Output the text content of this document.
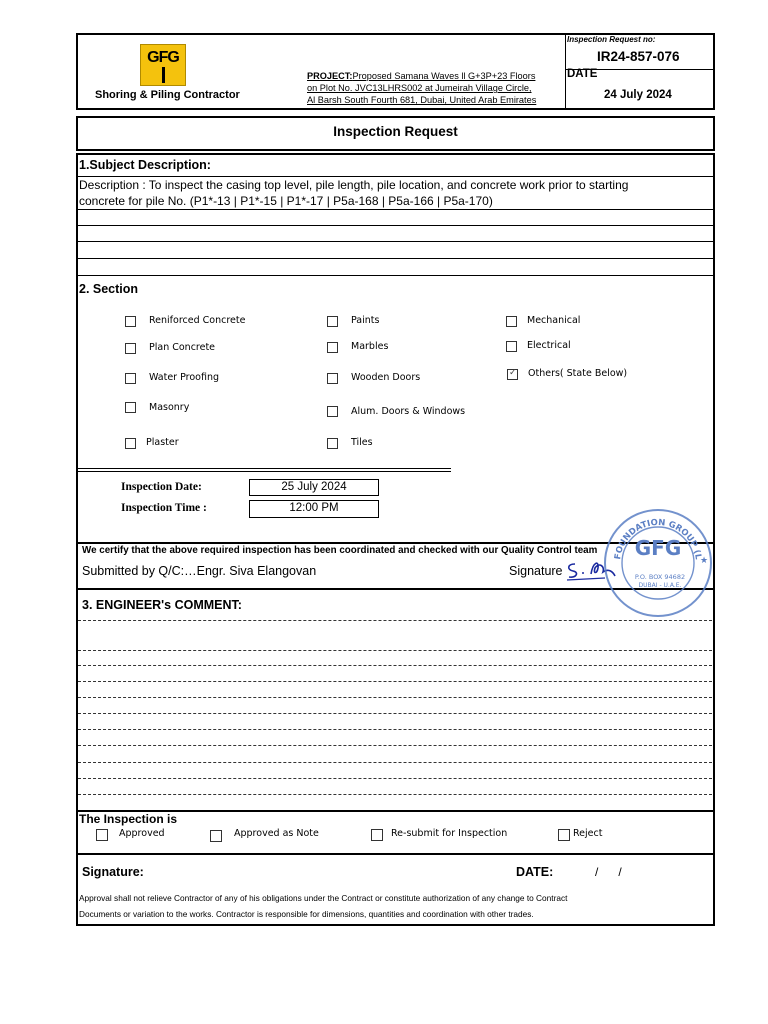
GFG
Shoring & Piling Contractor
PROJECT:Proposed Samana Waves ll G+3P+23 Floors
on Plot No. JVC13LHRS002 at Jumeirah Village Circle,
Al Barsh South Fourth 681, Dubai, United Arab Emirates
Inspection Request no:
IR24-857-076
DATE
24 July 2024
Inspection Request
1.Subject Description:
Description : To inspect the casing top level, pile length, pile location, and concrete work prior to starting
concrete for pile No. (P1*-13 | P1*-15 | P1*-17 | P5a-168 | P5a-166 | P5a-170)
2. Section
Reniforced Concrete
Plan Concrete
Water Proofing
Masonry
Plaster
Paints
Marbles
Wooden Doors
Alum. Doors & Windows
Tiles
Mechanical
Electrical
✓ Others( State Below)
Inspection Date:	25 July 2024
Inspection Time :	12:00 PM
We certify that the above required inspection has been coordinated and checked with our Quality Control team
Submitted by Q/C:…Engr. Siva Elangovan	Signature
FOUNDATION GROUP (L
GFG
P.O. BOX 94682
DUBAI - U.A.E.
★
3. ENGINEER's COMMENT:
The Inspection is
Approved	Approved as Note	Re-submit for Inspection	Reject
Signature:	DATE:	/      /
Approval shall not relieve Contractor of any of his obligations under the Contract or constitute authorization of any change to Contract
Documents or variation to the works. Contractor is responsible for dimensions, quantities and coordination with other trades.
